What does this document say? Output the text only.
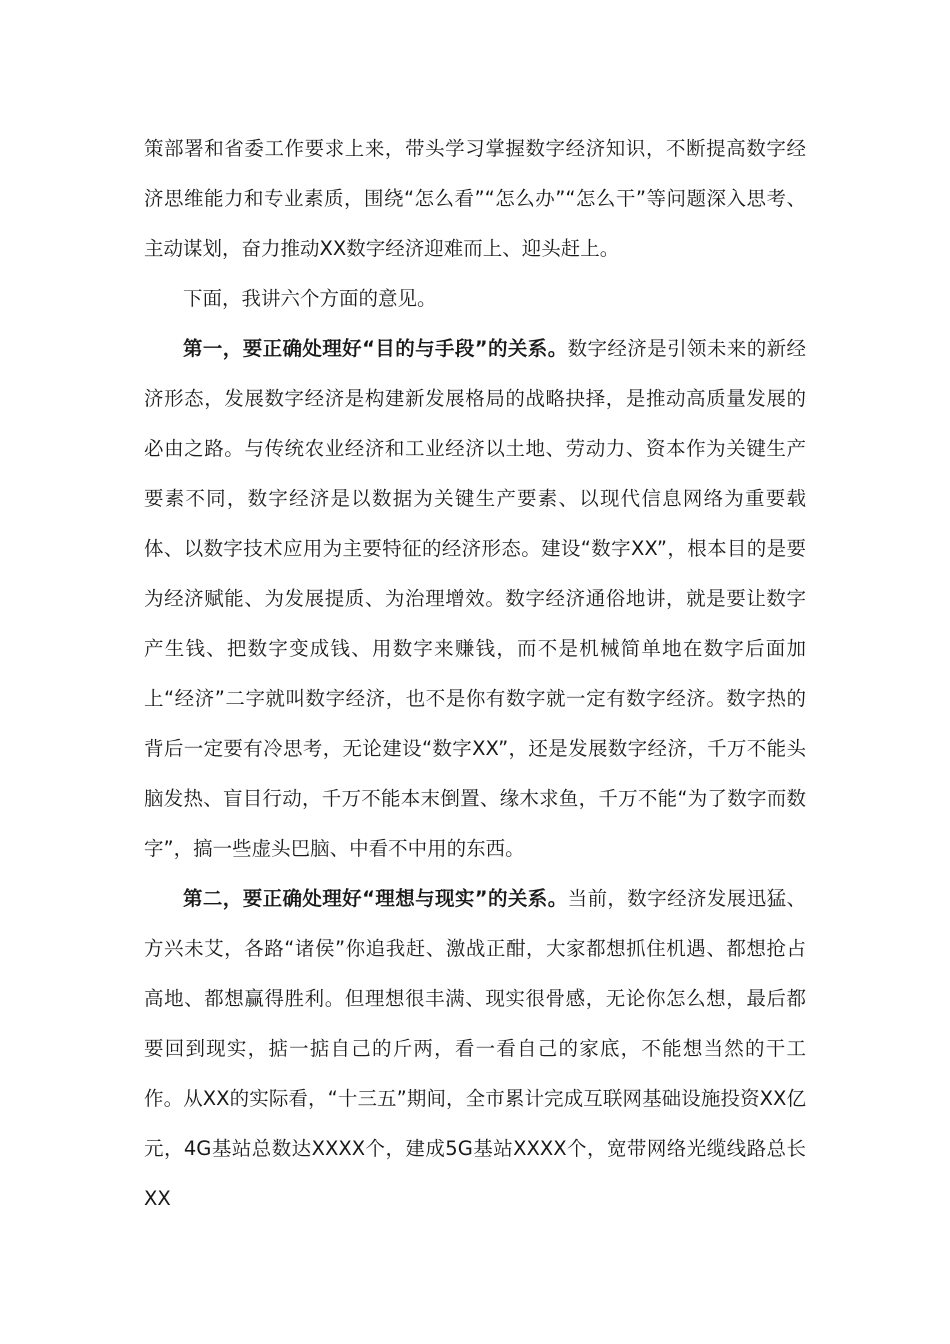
策部署和省委工作要求上来，带头学习掌握数字经济知识，不断提高数字经济思维能力和专业素质，围绕“怎么看”“怎么办”“怎么干”等问题深入思考、主动谋划，奋力推动XX数字经济迎难而上、迎头赶上。

下面，我讲六个方面的意见。

第一，要正确处理好“目的与手段”的关系。数字经济是引领未来的新经济形态，发展数字经济是构建新发展格局的战略抉择，是推动高质量发展的必由之路。与传统农业经济和工业经济以土地、劳动力、资本作为关键生产要素不同，数字经济是以数据为关键生产要素、以现代信息网络为重要载体、以数字技术应用为主要特征的经济形态。建设“数字XX”，根本目的是要为经济赋能、为发展提质、为治理增效。数字经济通俗地讲，就是要让数字产生钱、把数字变成钱、用数字来赚钱，而不是机械简单地在数字后面加上“经济”二字就叫数字经济，也不是你有数字就一定有数字经济。数字热的背后一定要有冷思考，无论建设“数字XX”，还是发展数字经济，千万不能头脑发热、盲目行动，千万不能本末倒置、缘木求鱼，千万不能“为了数字而数字”，搞一些虚头巴脑、中看不中用的东西。

第二，要正确处理好“理想与现实”的关系。当前，数字经济发展迅猛、方兴未艾，各路“诸侯”你追我赶、激战正酣，大家都想抓住机遇、都想抢占高地、都想赢得胜利。但理想很丰满、现实很骨感，无论你怎么想，最后都要回到现实，掂一掂自己的斤两，看一看自己的家底，不能想当然的干工作。从XX的实际看，“十三五”期间，全市累计完成互联网基础设施投资XX亿元，4G基站总数达XXXX个，建成5G基站XXXX个，宽带网络光缆线路总长XX
